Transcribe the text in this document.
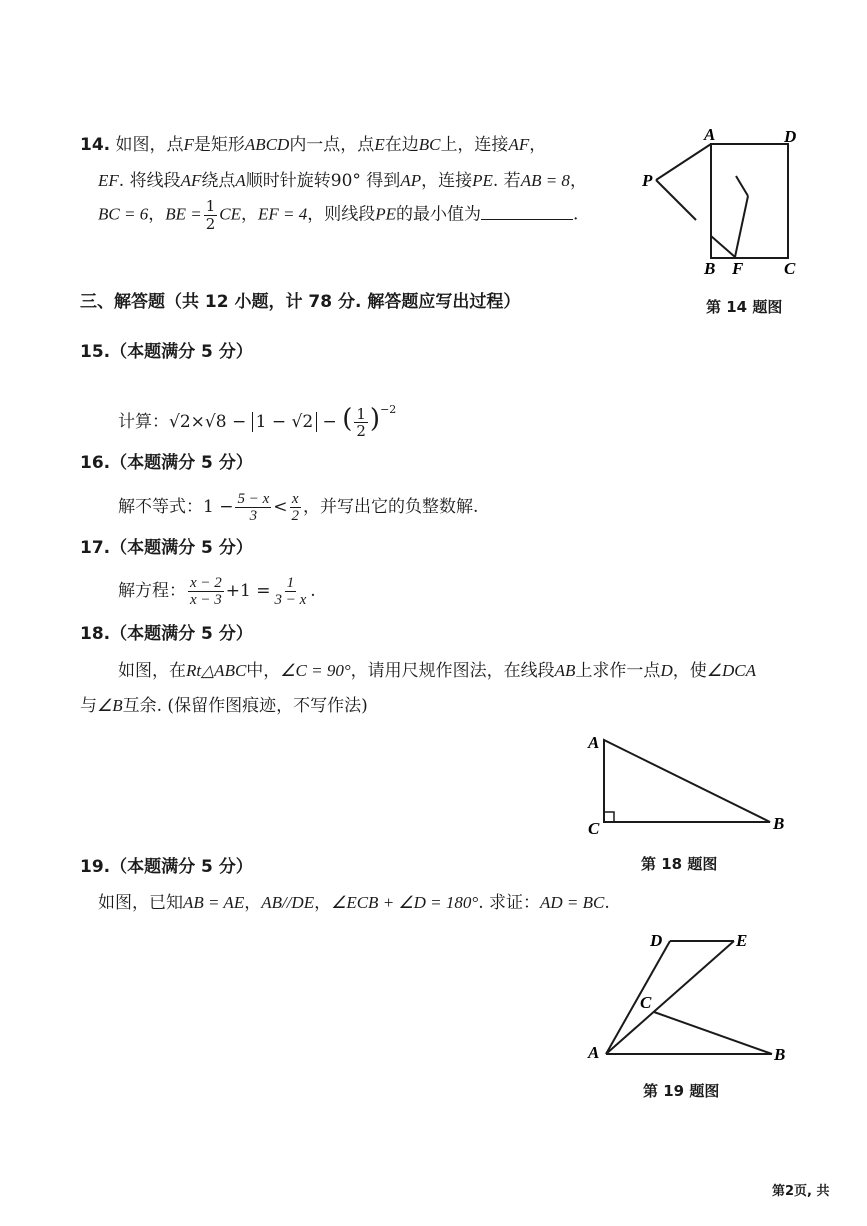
14. 如图，点F是矩形ABCD内一点，点E在边BC上，连接AF，
EF. 将线段AF绕点A顺时针旋转90° 得到AP，连接PE. 若AB = 8，
BC = 6，BE = $\frac{1}{2}$ CE，EF = 4，则线段PE的最小值为	.
A	D
P
B F C
第 14 题图
三、解答题（共 12 小题，计 78 分. 解答题应写出过程）
15.（本题满分 5 分）
计算：√2×√8 − 1 − √2 − ( $\frac{1}{2} )^{-2}$
16.（本题满分 5 分）
解不等式：$1 - \frac{5 - x}{3} < \frac{x}{2}$ ，并写出它的负整数解.
17.（本题满分 5 分）
解方程： $\frac{x - 2}{x - 3} +1 = \frac{1}{3 - x}$ .
18.（本题满分 5 分）
如图，在Rt△ABC中，∠C = 90°，请用尺规作图法，在线段AB上求作一点D，使∠DCA
与∠B互余. (保留作图痕迹，不写作法)
A
C	B
第 18 题图
19.（本题满分 5 分）
如图，已知AB = AE，AB//DE，∠ECB + ∠D = 180°. 求证：AD = BC.
D	E
C
A	B
第 19 题图
第2页, 共
